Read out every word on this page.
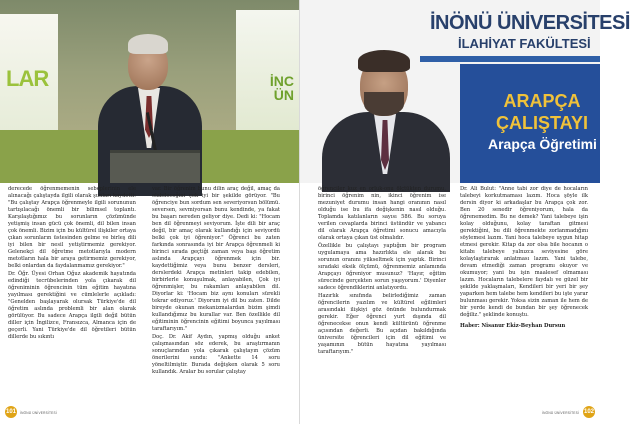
LAR	İNC
ÜN

derecede öğrenmemenin sebeplerinin ele alınacağı çalıştayda ilgili olarak şunları kaydetti: "Bu çalıştay Arapça öğrenmeyle ilgili sorununun tartışılacağı önemli bir bilimsel toplantı. Karşılaştığımız bu sorunların çözümünde yetişmiş insan gücü çok önemli, dil bilen insan çok önemli. Bizim için bu kültürel ilişkiler ortaya çıkan sorunların üstesinden gelme ve birleş dili iyi bilen bir nesil yetiştirmemiz gerekiyor. Gelenekçi dil öğretme metotlarıyla modern metotların hala bir araya getirmemiz gerekiyor, belki onlardan da faydalanmamız gerekiyor."

Dr. Öğr. Üyesi Orhan Oğuz akademik hayatında edindiği tecrübelerinden yola çıkarak dil öğreniminin öğrencinin tüm eğitim hayatına yayılması gerektiğini ve cümlelerle açıkladı: "Genelden başlayarak olursak Türkiye'de dil öğretim aslında problemli bir alan olarak görülüyor. Bu sadece Arapça ilgili değil bütün diller için İngilizce, Fransızca, Almanca için de geçerli. Yani Türkiye'de dil öğretileri bütün dillerde bu sıkıntı

var. Bir öğrenim bunu dilin araç değil, amaç da olabileceğini çok iyi bir şekilde görüyor. "Bu öğrenciye bun sordum sen severiyorsun bölümü. seversen, sevmiyorsan bunu kendinde, ya fakat bu başarı nereden geliyor diye. Dedi ki: "Hocam ben dil öğrenmeyi seviyorum. İşte dili bir araç değil, bir amaç olarak kullandığı için seviyordü belki çok iyi öğreniyor." Öğrenci bu zaten farkında sonrasında iyi bir Arapça öğrenmeli ki birinci sırada geçtiği zaman veya başı öğretim aslında Arapçayı öğrenmek için bir. kaydettiğimiz veya bunu benzer dersleri, derslerdeki Arapça metinleri takip edebilen, birbirlerle konuşulmak, anlayabilen, Çok iyi öğrenmişler, bu rakamları anlayabilen dil. Diyorlar ki: 'Hocam biz aynı konuları sürekli tekrar ediyoruz.' Diyorum iyi dil bu zaten. Dilde bireyde okunan mekanizmalardan bizim şimdi kullandığımız bu kurallar var. Ben özellikle dil eğitiminin öğrencinin eğitimi boyunca yayılması taraftarıyım."

Doç. Dr. Akif Aydın, yapmış olduğu anket çalışmasından söz ederek, bu araştırmanın sonuçlarından yola çıkarak çalıştayın çözüm önerilerini sundu: "Ankette 14 soru yöneltilmiştir. Burada değişken olarak 5 soru kullandık. Aralar bu sorular çalıştay

101	İNÖNÜ ÜNİVERSİTESİ
İNÖNÜ ÜNİVERSİTESİ
İLAHİYAT FAKÜLTESİ
ARAPÇA
ÇALIŞTAYI
Arapça Öğretimi

öğrenciler kuz en orluk-onu ölçtükten durumu, birinci öğrenim nin, ikinci öğrenim ise mezuniyet durumu insan hangi oranının nasıl olduğu ise bu ifa değişkenin nasıl olduğu. Toplamda katılanların sayısı 586. Bu soruya verilen cevaplarda birinci üstündür ve yabancı dil olarak Arapça öğretimi sonucu amacıyla olarak ortaya çıkan üst olmalıdır.

Özellikle bu çalıştayı yaptığım bir program uygulamaya ama hazırlıkta ele alarak bu sorunun oranını yükseltmek için yaptık. Birinci sıradaki eksik ölçümü, öğrenmemiz anlamında Arapçayı öğreniyor musunuz? 'Hayır, eğitim sürecinde gerçekten sorun yaşıyorum.' Diyenler sadece öğrendiklerini anlatıyordu.

Hazırlık sınıfında belirlediğimiz zaman öğrencilerin yazılım ve kültürel eğilimleri arasındaki ilişkiyi göz önünde bulundurmak gerekir. Eğer öğrenci yurt dışında dil öğrenecekse onun kendi kültürünü öğrenme açısından değerli. Bu açıdan bakıldığında üniversite öğrencileri için dil eğitimi ve yaşamının bütün hayatına yayılması taraftarıyım."

Dr. Ali Bulut: "Anne tabi zor diye de hocaların talebeyi korkutmaması lazım. Hoca şöyle ilk dersin diyor ki arkadaşlar bu Arapça çok zor. Ben 20 senedir öğreniyorum, hala da öğrenemedim. Bu ne demek? Yani talebeye işin kolay olduğunu, kolay taraftan gitmesi gerektiğini, bu dili öğrenmekte zorlanmadığını söylemesi lazım. Yani hoca talebeye uygun hitap etmesi gerekir. Kitap da zor olsa bile hocanın o kitabı talebeye yalnızca seviyesine göre kolaylaştırarak anlatması lazım. Yani talebe, devam etmediği zaman programı okuyor ve okumuyor; yani bu işin maalesef olmaması lazım. Hocaların talebelere faydalı ve güzel bir şekilde yaklaşmaları, Kendileri bir yeri bir şey yaparken hem talebe hem kendileri bu işte yarar bulunması gerekir. Yoksa sizin zaman ile hem de bir yerde kendi de bundan bir şey öğrenecek değiliz." şeklinde konuştu.

Haber: Nisanur Ekiz-Beyhan Dursun

102
İNÖNÜ ÜNİVERSİTESİ
